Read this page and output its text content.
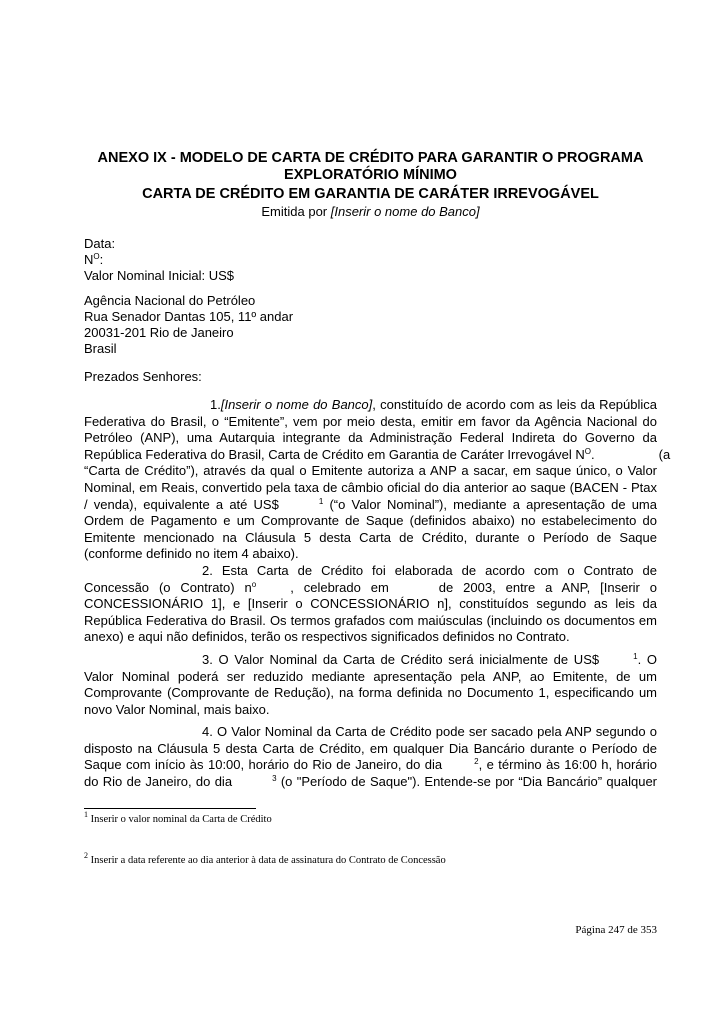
ANEXO IX - MODELO DE CARTA DE CRÉDITO PARA GARANTIR O PROGRAMA
EXPLORATÓRIO MÍNIMO
CARTA DE CRÉDITO EM GARANTIA DE CARÁTER IRREVOGÁVEL
Emitida por [Inserir o nome do Banco]
Data:
$N^O$:
Valor Nominal Inicial: US$
Agência Nacional do Petróleo
Rua Senador Dantas 105, 11º andar
20031-201 Rio de Janeiro
Brasil
Prezados Senhores:
1.[Inserir o nome do Banco], constituído de acordo com as leis da República
Federativa do Brasil, o “Emitente”, vem por meio desta, emitir em favor da Agência Nacional do
Petróleo (ANP), uma Autarquia integrante da Administração Federal Indireta do Governo da
República Federativa do Brasil, Carta de Crédito em Garantia de Caráter Irrevogável $N^O$.	(a
“Carta de Crédito”), através da qual o Emitente autoriza a ANP a sacar, em saque único, o Valor
Nominal, em Reais, convertido pela taxa de câmbio oficial do dia anterior ao saque (BACEN - Ptax
/ venda), equivalente a até US$	$^1$ (“o Valor Nominal”), mediante a apresentação de uma
Ordem de Pagamento e um Comprovante de Saque (definidos abaixo) no estabelecimento do
Emitente mencionado na Cláusula 5 desta Carta de Crédito, durante o Período de Saque
(conforme definido no item 4 abaixo).
2. Esta Carta de Crédito foi elaborada de acordo com o Contrato de
Concessão (o Contrato) $n^o$	, celebrado em	de 2003, entre a ANP, [Inserir o
CONCESSIONÁRIO 1], e [Inserir o CONCESSIONÁRIO n], constituídos segundo as leis da
República Federativa do Brasil. Os termos grafados com maiúsculas (incluindo os documentos em
anexo) e aqui não definidos, terão os respectivos significados definidos no Contrato.
3. O Valor Nominal da Carta de Crédito será inicialmente de US$	$^1$. O
Valor Nominal poderá ser reduzido mediante apresentação pela ANP, ao Emitente, de um
Comprovante (Comprovante de Redução), na forma definida no Documento 1, especificando um
novo Valor Nominal, mais baixo.
4. O Valor Nominal da Carta de Crédito pode ser sacado pela ANP segundo o
disposto na Cláusula 5 desta Carta de Crédito, em qualquer Dia Bancário durante o Período de
Saque com início às 10:00, horário do Rio de Janeiro, do dia	$^2$, e término às 16:00 h, horário
do Rio de Janeiro, do dia	$^3$ (o "Período de Saque"). Entende-se por “Dia Bancário” qualquer
$^1$ Inserir o valor nominal da Carta de Crédito
$^2$ Inserir a data referente ao dia anterior à data de assinatura do Contrato de Concessão
Página 247 de 353
